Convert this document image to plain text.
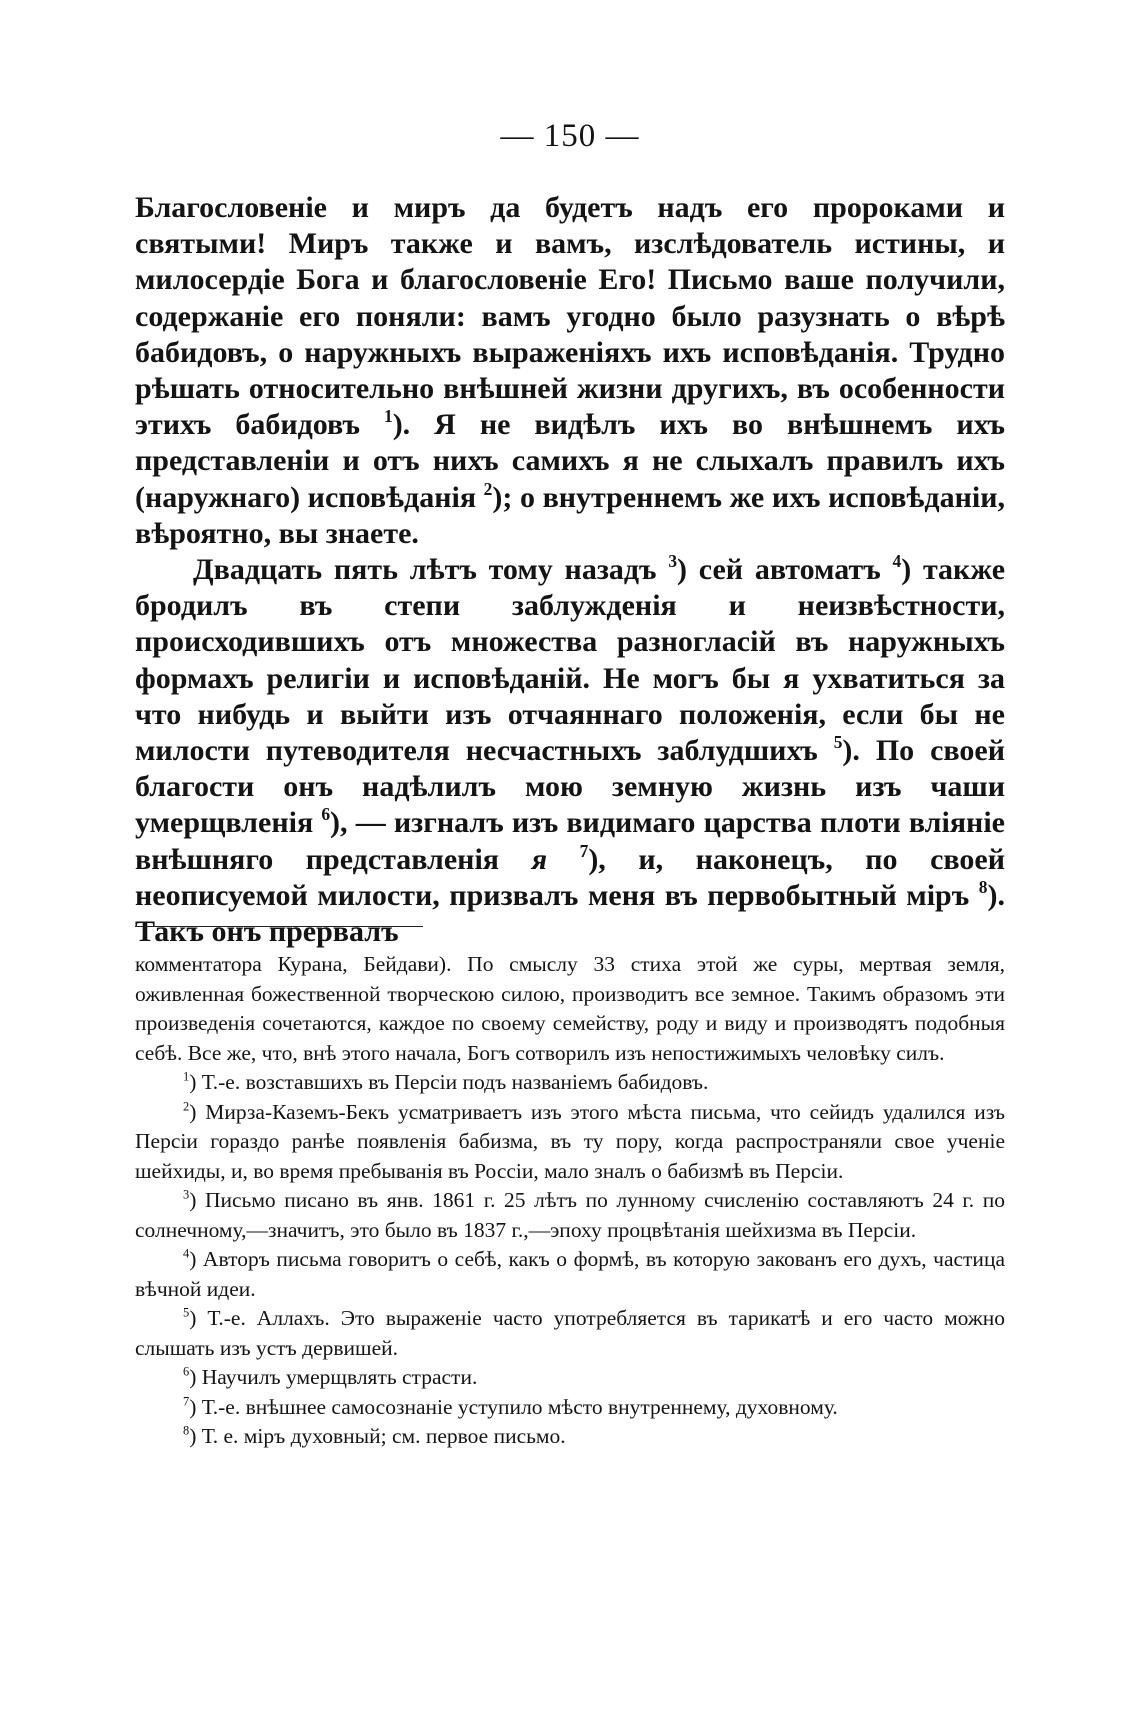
— 150 —

Благословеніе и миръ да будетъ надъ его пророками и святыми! Миръ также и вамъ, изслѣдователь истины, и милосердіе Бога и благословеніе Его! Письмо ваше получили, содержаніе его поняли: вамъ угодно было разузнать о вѣрѣ бабидовъ, о наружныхъ выраженіяхъ ихъ исповѣданія. Трудно рѣшать относительно внѣшней жизни другихъ, въ особенности этихъ бабидовъ $^1$). Я не видѣлъ ихъ во внѣшнемъ ихъ представленіи и отъ нихъ самихъ я не слыхалъ правилъ ихъ (наружнаго) исповѣданія $^2$); о внутреннемъ же ихъ исповѣданіи, вѣроятно, вы знаете.

Двадцать пять лѣтъ тому назадъ $^3$) сей автоматъ $^4$) также бродилъ въ степи заблужденія и неизвѣстности, происходившихъ отъ множества разногласій въ наружныхъ формахъ религіи и исповѣданій. Не могъ бы я ухватиться за что нибудь и выйти изъ отчаяннаго положенія, если бы не милости путеводителя несчастныхъ заблудшихъ $^5$). По своей благости онъ надѣлилъ мою земную жизнь изъ чаши умерщвленія $^6$), — изгналъ изъ видимаго царства плоти вліяніе внѣшняго представленія я $^7$), и, наконецъ, по своей неописуемой милости, призвалъ меня въ первобытный міръ $^8$). Такъ онъ прервалъ

комментатора Курана, Бейдави). По смыслу 33 стиха этой же суры, мертвая земля, оживленная божественной творческою силою, производитъ все земное. Такимъ образомъ эти произведенія сочетаются, каждое по своему семейству, роду и виду и производятъ подобныя себѣ. Все же, что, внѣ этого начала, Богъ сотворилъ изъ непостижимыхъ человѣку силъ.

$^1$) Т.-е. возставшихъ въ Персіи подъ названіемъ бабидовъ.

$^2$) Мирза-Каземъ-Бекъ усматриваетъ изъ этого мѣста письма, что сейидъ удалился изъ Персіи гораздо ранѣе появленія бабизма, въ ту пору, когда распространяли свое ученіе шейхиды, и, во время пребыванія въ Россіи, мало зналъ о бабизмѣ въ Персіи.

$^3$) Письмо писано въ янв. 1861 г. 25 лѣтъ по лунному счисленію составляютъ 24 г. по солнечному,—значитъ, это было въ 1837 г.,—эпоху процвѣтанія шейхизма въ Персіи.

$^4$) Авторъ письма говоритъ о себѣ, какъ о формѣ, въ которую закованъ его духъ, частица вѣчной идеи.

$^5$) Т.-е. Аллахъ. Это выраженіе часто употребляется въ тарикатѣ и его часто можно слышать изъ устъ дервишей.

$^6$) Научилъ умерщвлять страсти.

$^7$) Т.-е. внѣшнее самосознаніе уступило мѣсто внутреннему, духовному.

$^8$) Т. е. міръ духовный; см. первое письмо.
